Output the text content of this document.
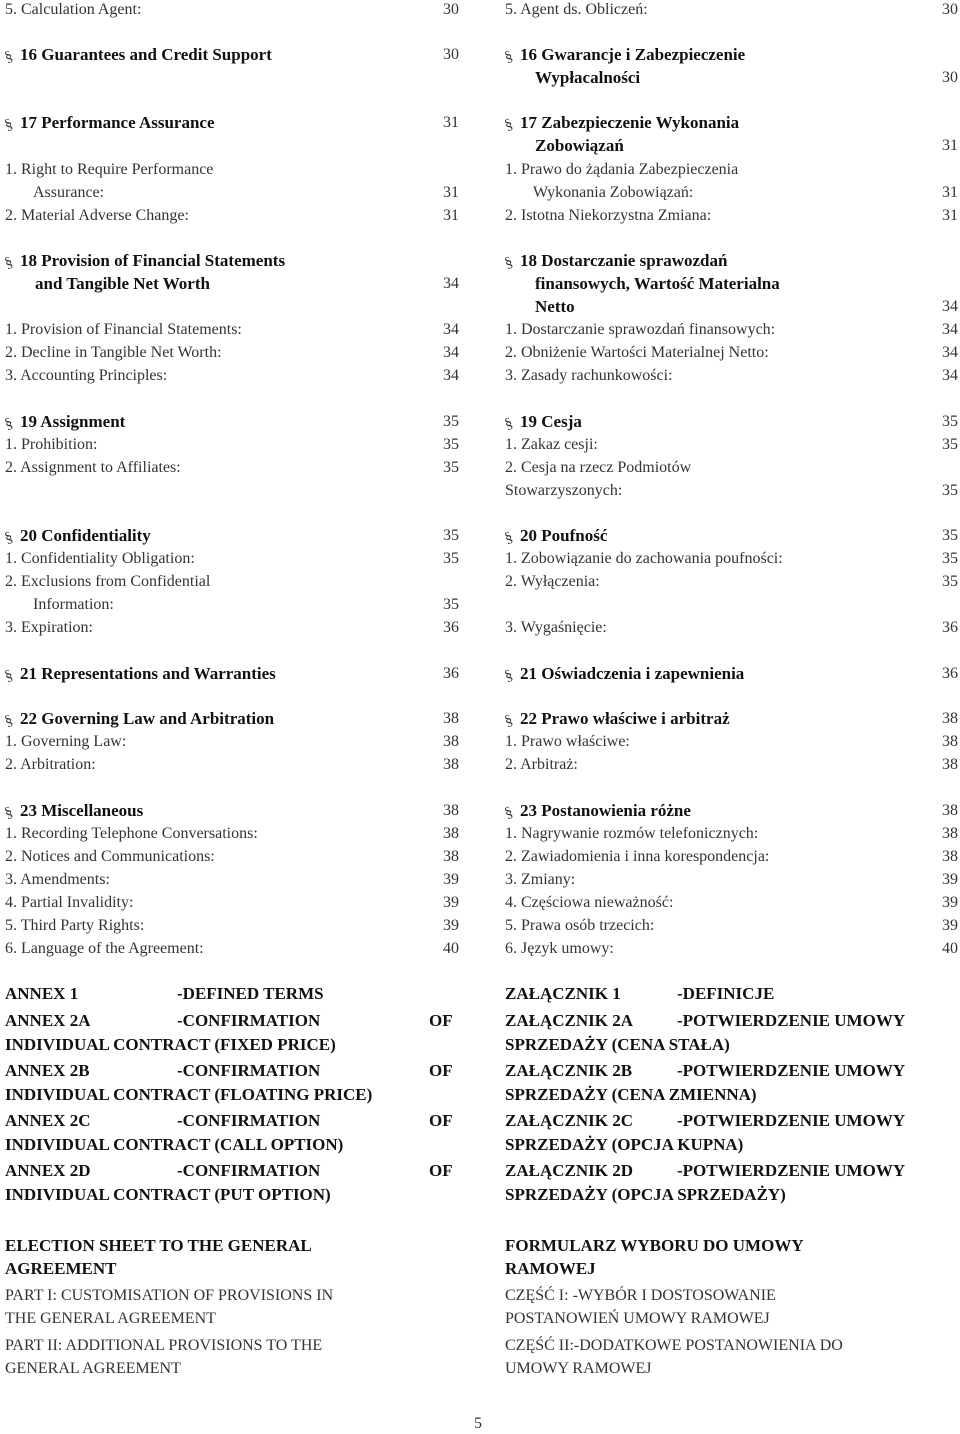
5. Calculation Agent:	30
§ 16 Guarantees and Credit Support	30
§ 17 Performance Assurance	31
1. Right to Require Performance
Assurance:	31
2. Material Adverse Change:	31
§ 18 Provision of Financial Statements
and Tangible Net Worth	34
1. Provision of Financial Statements:	34
2. Decline in Tangible Net Worth:	34
3. Accounting Principles:	34
§ 19 Assignment	35
1. Prohibition:	35
2. Assignment to Affiliates:	35
§ 20 Confidentiality	35
1. Confidentiality Obligation:	35
2. Exclusions from Confidential
Information:	35
3. Expiration:	36
§ 21 Representations and Warranties	36
§ 22 Governing Law and Arbitration	38
1. Governing Law:	38
2. Arbitration:	38
§ 23 Miscellaneous	38
1. Recording Telephone Conversations:	38
2. Notices and Communications:	38
3. Amendments:	39
4. Partial Invalidity:	39
5. Third Party Rights:	39
6. Language of the Agreement:	40
5. Agent ds. Obliczeń:	30
§ 16 Gwarancje i Zabezpieczenie
Wypłacalności	30
§ 17 Zabezpieczenie Wykonania
Zobowiązań	31
1. Prawo do żądania Zabezpieczenia
Wykonania Zobowiązań:	31
2. Istotna Niekorzystna Zmiana:	31
§ 18 Dostarczanie sprawozdań
finansowych, Wartość Materialna
Netto	34
1. Dostarczanie sprawozdań finansowych:	34
2. Obniżenie Wartości Materialnej Netto:	34
3. Zasady rachunkowości:	34
§ 19 Cesja	35
1. Zakaz cesji:	35
2. Cesja na rzecz Podmiotów
Stowarzyszonych:	35
§ 20 Poufność	35
1. Zobowiązanie do zachowania poufności:	35
2. Wyłączenia:	35
3. Wygaśnięcie:	36
§ 21 Oświadczenia i zapewnienia	36
§ 22 Prawo właściwe i arbitraż	38
1. Prawo właściwe:	38
2. Arbitraż:	38
§ 23 Postanowienia różne	38
1. Nagrywanie rozmów telefonicznych:	38
2. Zawiadomienia i inna korespondencja:	38
3. Zmiany:	39
4. Częściowa nieważność:	39
5. Prawa osób trzecich:	39
6. Język umowy:	40
ANNEX 1	-DEFINED TERMS
ANNEX 2A	-CONFIRMATION	OF
INDIVIDUAL CONTRACT (FIXED PRICE)
ANNEX 2B	-CONFIRMATION	OF
INDIVIDUAL CONTRACT (FLOATING PRICE)
ANNEX 2C	-CONFIRMATION	OF
INDIVIDUAL CONTRACT (CALL OPTION)
ANNEX 2D	-CONFIRMATION	OF
INDIVIDUAL CONTRACT (PUT OPTION)
ZAŁĄCZNIK 1	-DEFINICJE
ZAŁĄCZNIK 2A	-POTWIERDZENIE UMOWY
SPRZEDAŻY (CENA STAŁA)
ZAŁĄCZNIK 2B	-POTWIERDZENIE UMOWY
SPRZEDAŻY (CENA ZMIENNA)
ZAŁĄCZNIK 2C	-POTWIERDZENIE UMOWY
SPRZEDAŻY (OPCJA KUPNA)
ZAŁĄCZNIK 2D	-POTWIERDZENIE UMOWY
SPRZEDAŻY (OPCJA SPRZEDAŻY)
ELECTION SHEET TO THE GENERAL
AGREEMENT
PART I: CUSTOMISATION OF PROVISIONS IN
THE GENERAL AGREEMENT
PART II: ADDITIONAL PROVISIONS TO THE
GENERAL AGREEMENT
FORMULARZ WYBORU DO UMOWY
RAMOWEJ
CZĘŚĆ I: -WYBÓR I DOSTOSOWANIE
POSTANOWIEŃ UMOWY RAMOWEJ
CZĘŚĆ II:-DODATKOWE POSTANOWIENIA DO
UMOWY RAMOWEJ
5
